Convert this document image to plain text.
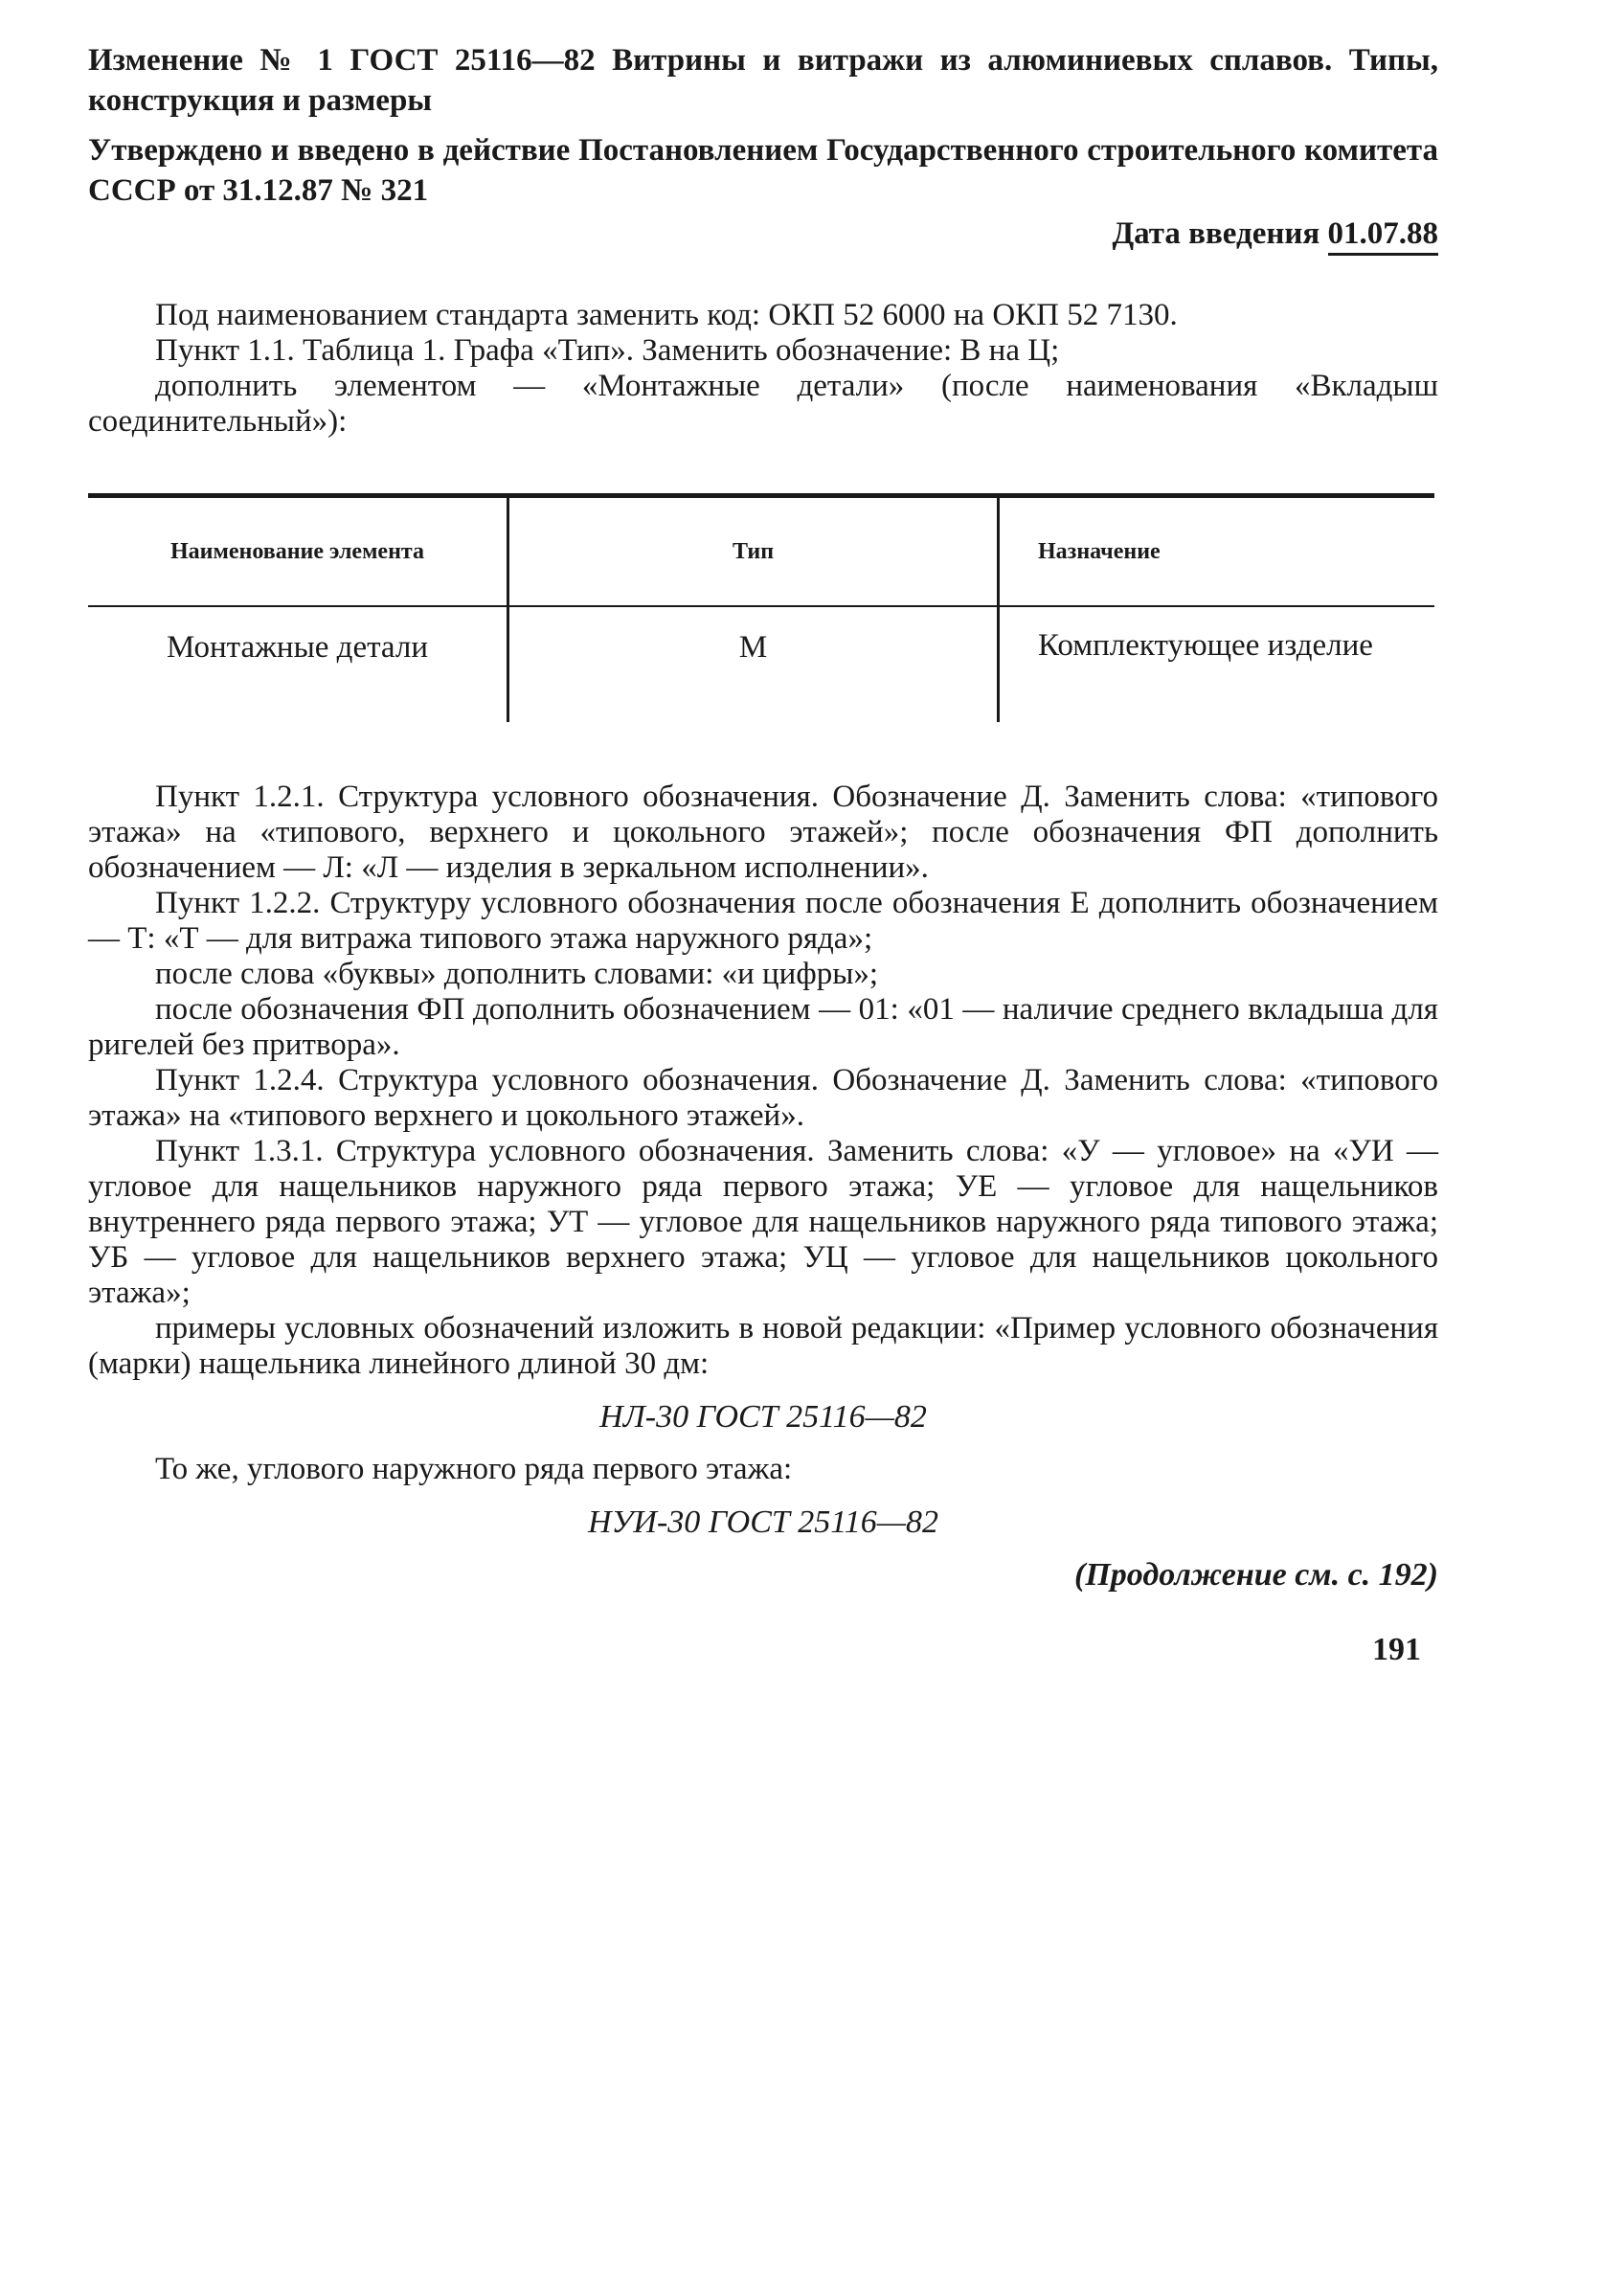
Изменение № 1 ГОСТ 25116—82 Витрины и витражи из алюминиевых сплавов. Типы, конструкция и размеры

Утверждено и введено в действие Постановлением Государственного строительного комитета СССР от 31.12.87 № 321

Дата введения 01.07.88

Под наименованием стандарта заменить код: ОКП 52 6000 на ОКП 52 7130.

Пункт 1.1. Таблица 1. Графа «Тип». Заменить обозначение: В на Ц;

дополнить элементом — «Монтажные детали» (после наименования «Вкладыш соединительный»):

Наименование элемента	Тип	Назначение
Монтажные детали	М	Комплектующее изделие

Пункт 1.2.1. Структура условного обозначения. Обозначение Д. Заменить слова: «типового этажа» на «типового, верхнего и цокольного этажей»; после обозначения ФП дополнить обозначением — Л: «Л — изделия в зеркальном исполнении».

Пункт 1.2.2. Структуру условного обозначения после обозначения Е дополнить обозначением — Т: «Т — для витража типового этажа наружного ряда»;

после слова «буквы» дополнить словами: «и цифры»;

после обозначения ФП дополнить обозначением — 01: «01 — наличие среднего вкладыша для ригелей без притвора».

Пункт 1.2.4. Структура условного обозначения. Обозначение Д. Заменить слова: «типового этажа» на «типового верхнего и цокольного этажей».

Пункт 1.3.1. Структура условного обозначения. Заменить слова: «У — угловое» на «УИ — угловое для нащельников наружного ряда первого этажа; УЕ — угловое для нащельников внутреннего ряда первого этажа; УТ — угловое для нащельников наружного ряда типового этажа; УБ — угловое для нащельников верхнего этажа; УЦ — угловое для нащельников цокольного этажа»;

примеры условных обозначений изложить в новой редакции: «Пример условного обозначения (марки) нащельника линейного длиной 30 дм:

НЛ-30 ГОСТ 25116—82

То же, углового наружного ряда первого этажа:

НУИ-30 ГОСТ 25116—82
(Продолжение см. с. 192)
191
